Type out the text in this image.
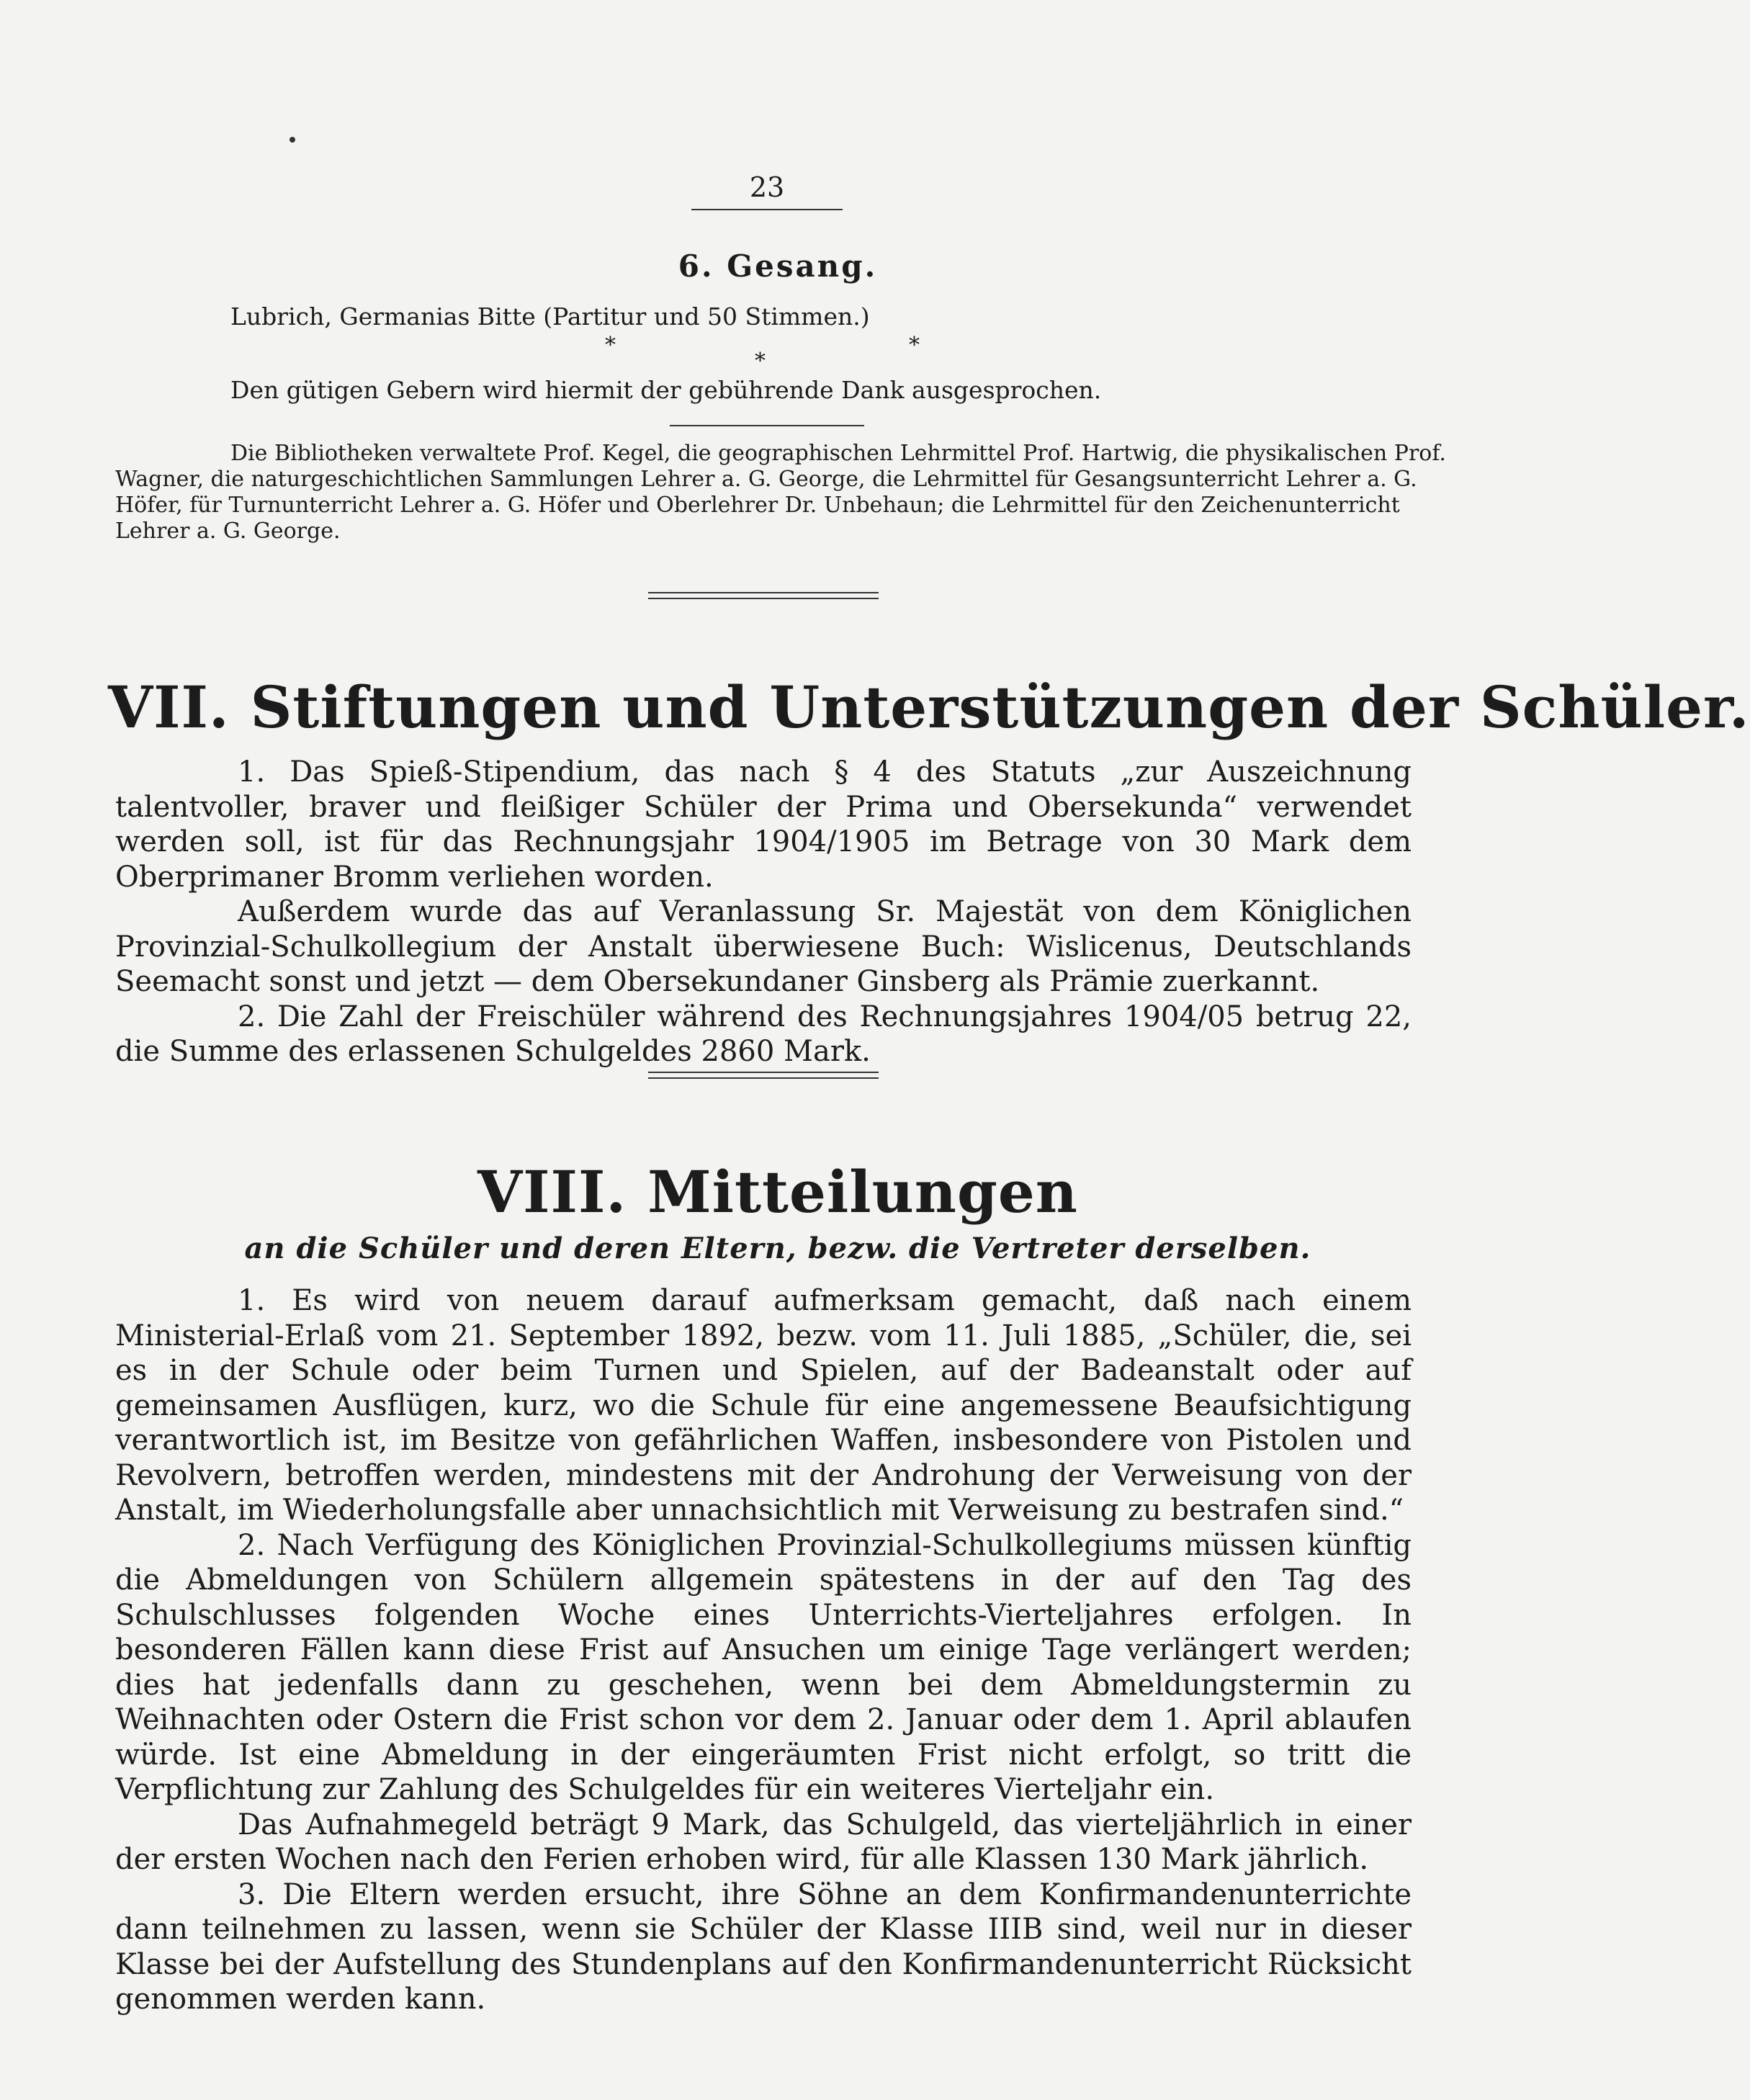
23
6. Gesang.
Lubrich, Germanias Bitte (Partitur und 50 Stimmen.)
*
*
*
Den gütigen Gebern wird hiermit der gebührende Dank ausgesprochen.
Die Bibliotheken verwaltete Prof. Kegel, die geographischen Lehrmittel Prof. Hartwig, die physikalischen Prof.
Wagner, die naturgeschichtlichen Sammlungen Lehrer a. G. George, die Lehrmittel für Gesangsunterricht Lehrer a. G.
Höfer, für Turnunterricht Lehrer a. G. Höfer und Oberlehrer Dr. Unbehaun; die Lehrmittel für den Zeichenunterricht
Lehrer a. G. George.
VII. Stiftungen und Unterstützungen der Schüler.

1. Das Spieß-Stipendium, das nach § 4 des Statuts „zur Auszeichnung talentvoller, braver und fleißiger Schüler der Prima und Obersekunda“ verwendet werden soll, ist für das Rechnungsjahr 1904/1905 im Betrage von 30 Mark dem Oberprimaner Bromm verliehen worden.

Außerdem wurde das auf Veranlassung Sr. Majestät von dem Königlichen Provinzial-Schulkollegium der Anstalt überwiesene Buch: Wislicenus, Deutschlands Seemacht sonst und jetzt — dem Obersekundaner Ginsberg als Prämie zuerkannt.

2. Die Zahl der Freischüler während des Rechnungsjahres 1904/05 betrug 22, die Summe des erlassenen Schulgeldes 2860 Mark.

VIII. Mitteilungen
an die Schüler und deren Eltern, bezw. die Vertreter derselben.

1. Es wird von neuem darauf aufmerksam gemacht, daß nach einem Ministerial-Erlaß vom 21. September 1892, bezw. vom 11. Juli 1885, „Schüler, die, sei es in der Schule oder beim Turnen und Spielen, auf der Badeanstalt oder auf gemeinsamen Ausflügen, kurz, wo die Schule für eine angemessene Beaufsichtigung verantwortlich ist, im Besitze von gefährlichen Waffen, insbesondere von Pistolen und Revolvern, betroffen werden, mindestens mit der Androhung der Verweisung von der Anstalt, im Wiederholungsfalle aber unnachsichtlich mit Verweisung zu bestrafen sind.“

2. Nach Verfügung des Königlichen Provinzial-Schulkollegiums müssen künftig die Abmeldungen von Schülern allgemein spätestens in der auf den Tag des Schulschlusses folgenden Woche eines Unterrichts-Vierteljahres erfolgen. In besonderen Fällen kann diese Frist auf Ansuchen um einige Tage verlängert werden; dies hat jedenfalls dann zu geschehen, wenn bei dem Abmeldungstermin zu Weihnachten oder Ostern die Frist schon vor dem 2. Januar oder dem 1. April ablaufen würde. Ist eine Abmeldung in der eingeräumten Frist nicht erfolgt, so tritt die Verpflichtung zur Zahlung des Schulgeldes für ein weiteres Vierteljahr ein.

Das Aufnahmegeld beträgt 9 Mark, das Schulgeld, das vierteljährlich in einer der ersten Wochen nach den Ferien erhoben wird, für alle Klassen 130 Mark jährlich.

3. Die Eltern werden ersucht, ihre Söhne an dem Konfirmandenunterrichte dann teilnehmen zu lassen, wenn sie Schüler der Klasse IIIB sind, weil nur in dieser Klasse bei der Aufstellung des Stundenplans auf den Konfirmandenunterricht Rücksicht genommen werden kann.
